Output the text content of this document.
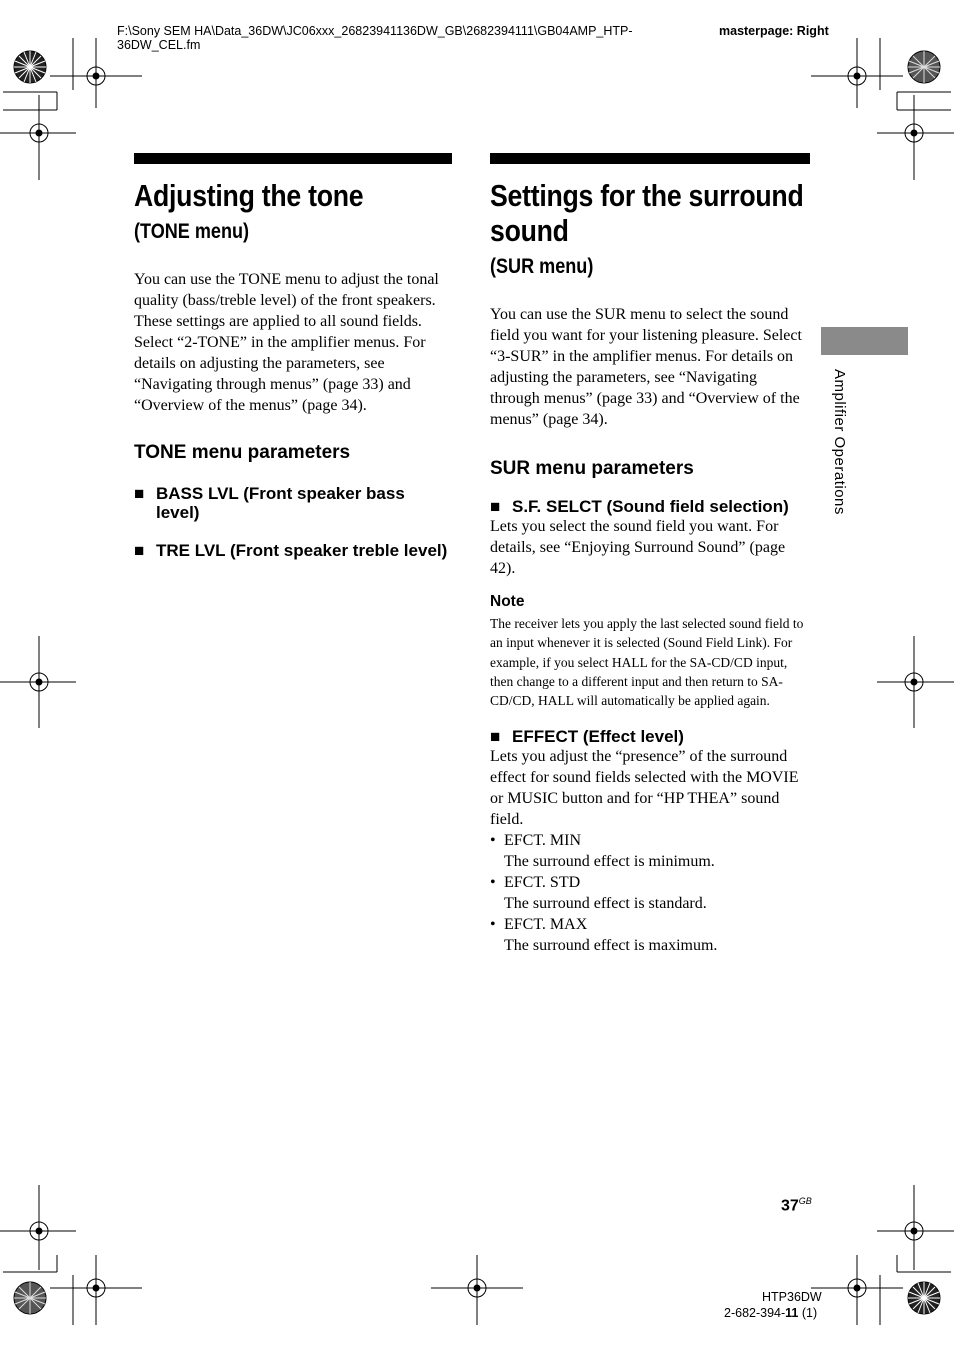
F:\Sony SEM HA\Data_36DW\JC06xxx_26823941136DW_GB\2682394111\GB04AMP_HTP-36DW_CEL.fm
masterpage: Right
Adjusting the tone
(TONE menu)

You can use the TONE menu to adjust the tonal quality (bass/treble level) of the front speakers. These settings are applied to all sound fields.

Select “2-TONE” in the amplifier menus. For details on adjusting the parameters, see “Navigating through menus” (page 33) and “Overview of the menus” (page 34).

TONE menu parameters
■ BASS LVL (Front speaker bass level)
■ TRE LVL (Front speaker treble level)
Settings for the surround sound
(SUR menu)

You can use the SUR menu to select the sound field you want for your listening pleasure. Select “3-SUR” in the amplifier menus. For details on adjusting the parameters, see “Navigating through menus” (page 33) and “Overview of the menus” (page 34).

SUR menu parameters
■ S.F. SELCT (Sound field selection)

Lets you select the sound field you want. For details, see “Enjoying Surround Sound” (page 42).

Note

The receiver lets you apply the last selected sound field to an input whenever it is selected (Sound Field Link). For example, if you select HALL for the SA-CD/CD input, then change to a different input and then return to SA-CD/CD, HALL will automatically be applied again.

■ EFFECT (Effect level)

Lets you adjust the “presence” of the surround effect for sound fields selected with the MOVIE or MUSIC button and for “HP THEA” sound field.

• EFCT. MIN
The surround effect is minimum.
• EFCT. STD
The surround effect is standard.
• EFCT. MAX
The surround effect is maximum.
Amplifier Operations
$37^{GB}$
HTP36DW
2-682-394-11 (1)
